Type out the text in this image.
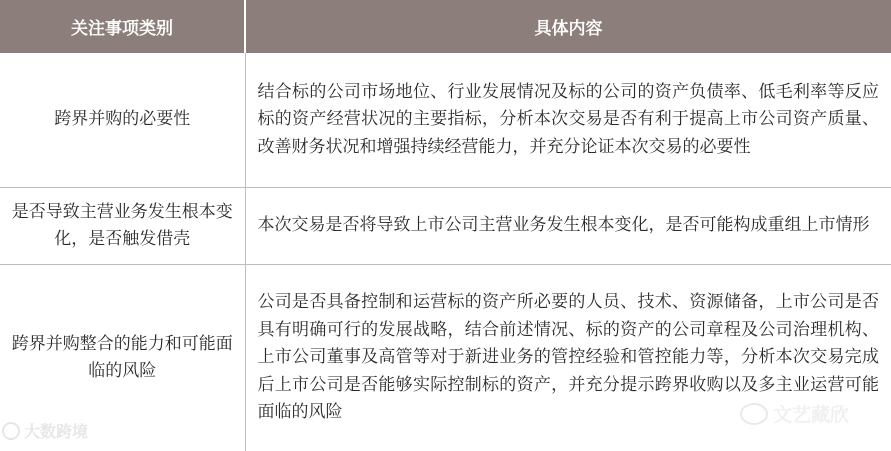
关注事项类别	具体内容
跨界并购的必要性	结合标的公司市场地位、行业发展情况及标的公司的资产负债率、低毛利率等反应标的资产经营状况的主要指标，分析本次交易是否有利于提高上市公司资产质量、改善财务状况和增强持续经营能力，并充分论证本次交易的必要性
是否导致主营业务发生根本变化，是否触发借壳	本次交易是否将导致上市公司主营业务发生根本变化，是否可能构成重组上市情形
跨界并购整合的能力和可能面临的风险	公司是否具备控制和运营标的资产所必要的人员、技术、资源储备，上市公司是否具有明确可行的发展战略，结合前述情况、标的资产的公司章程及公司治理机构、上市公司董事及高管等对于新进业务的管控经验和管控能力等，分析本次交易完成后上市公司是否能够实际控制标的资产，并充分提示跨界收购以及多主业运营可能面临的风险
大数跨境
文艺藏欣
